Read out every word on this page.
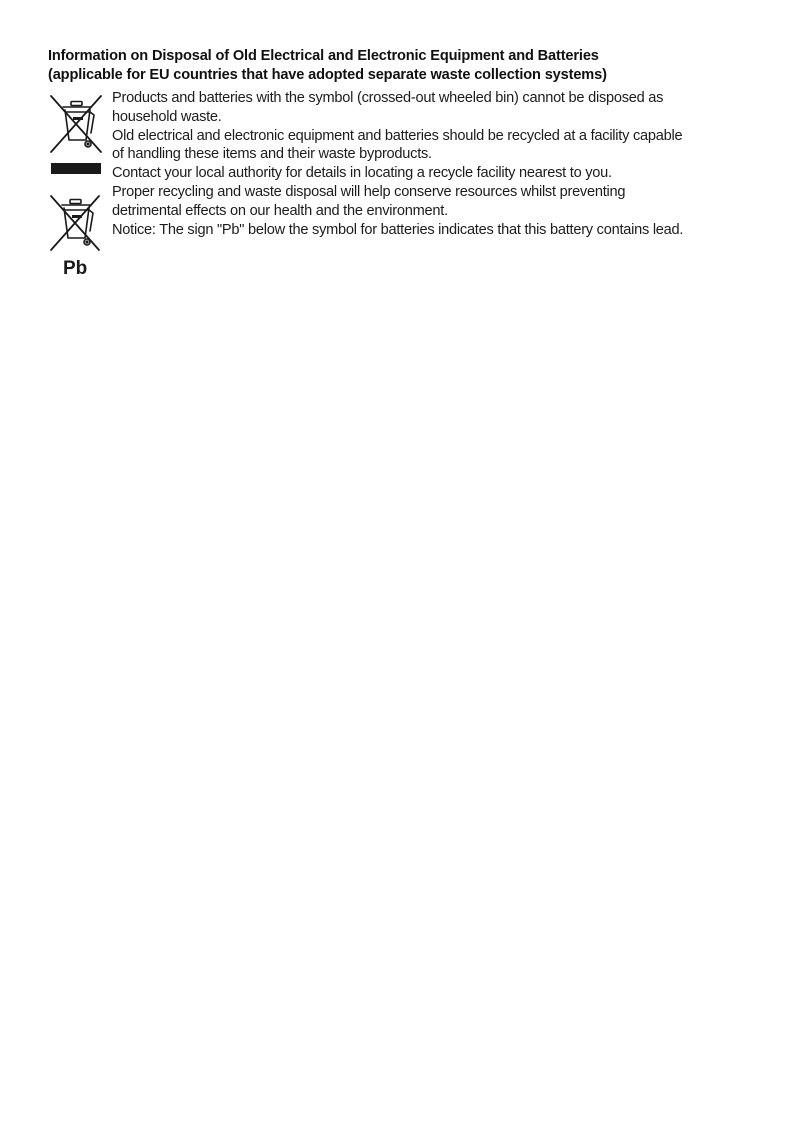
Information on Disposal of Old Electrical and Electronic Equipment and Batteries
(applicable for EU countries that have adopted separate waste collection systems)
Pb
Products and batteries with the symbol (crossed-out wheeled bin) cannot be disposed as
household waste.
Old electrical and electronic equipment and batteries should be recycled at a facility capable
of handling these items and their waste byproducts.
Contact your local authority for details in locating a recycle facility nearest to you.
Proper recycling and waste disposal will help conserve resources whilst preventing
detrimental effects on our health and the environment.
Notice: The sign "Pb" below the symbol for batteries indicates that this battery contains lead.
